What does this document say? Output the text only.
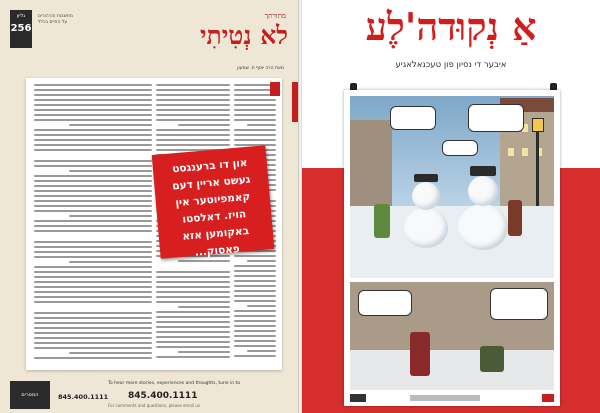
גליון
256
מחשבות והרהורים
על החיים בכלל
מתורתך
לא נְטִיתִי
מאת הרב יוסף ח. שמעון
און דו ברענגסט
געשט אריין דעם
קאמפיוטער אין
הויז. דאלסטו
באקומען אזא
פאסוק...
המסרים	845.400.1111
To hear more stories, experiences and thoughts, tune in to
845.400.1111
For comments and questions, please email us
אַ נְקוּדה'לֶע
איבער די נסיון פון טעכנאלאגיע
